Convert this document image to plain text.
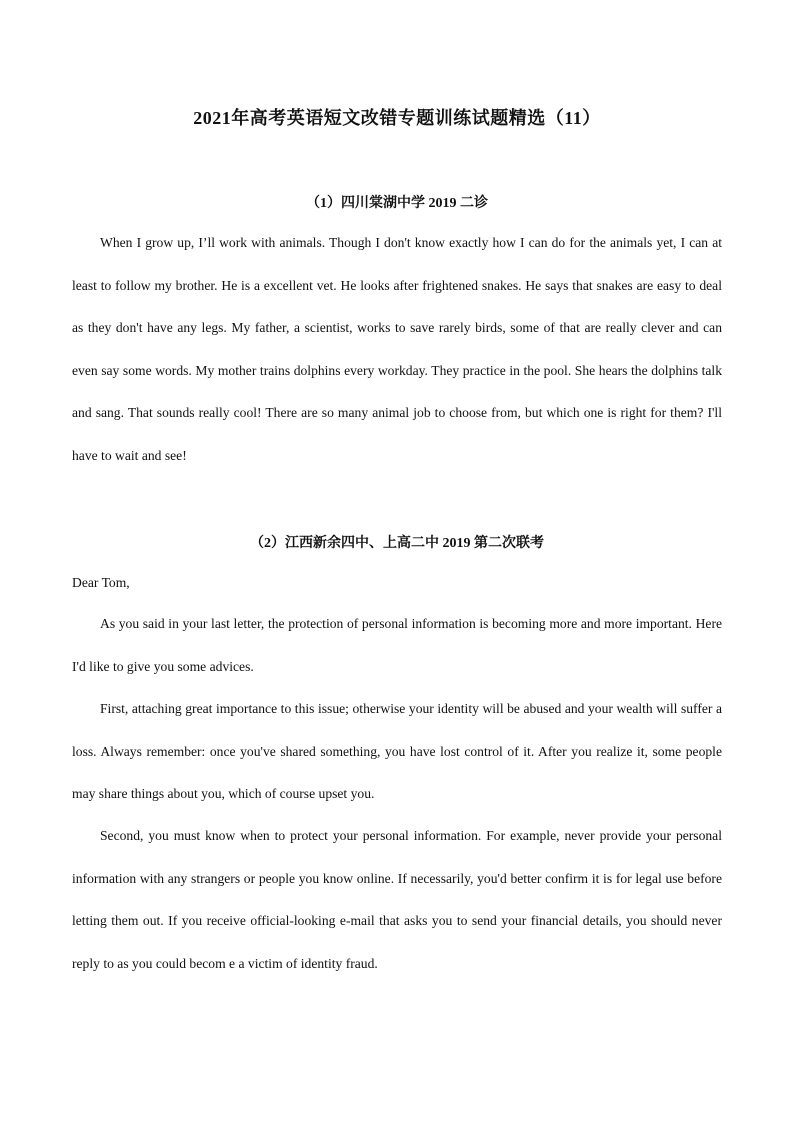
2021年高考英语短文改错专题训练试题精选（11）
（1）四川棠湖中学 2019 二诊
When I grow up, I’ll work with animals. Though I don't know exactly how I can do for the animals yet, I can at least to follow my brother. He is a excellent vet. He looks after frightened snakes. He says that snakes are easy to deal as they don't have any legs. My father, a scientist, works to save rarely birds, some of that are really clever and can even say some words. My mother trains dolphins every workday. They practice in the pool. She hears the dolphins talk and sang. That sounds really cool! There are so many animal job to choose from, but which one is right for them? I'll have to wait and see!
（2）江西新余四中、上高二中 2019 第二次联考
Dear Tom,
As you said in your last letter, the protection of personal information is becoming more and more important. Here I'd like to give you some advices.
First, attaching great importance to this issue; otherwise your identity will be abused and your wealth will suffer a loss. Always remember: once you've shared something, you have lost control of it. After you realize it, some people may share things about you, which of course upset you.
Second, you must know when to protect your personal information. For example, never provide your personal information with any strangers or people you know online. If necessarily, you'd better confirm it is for legal use before letting them out. If you receive official-looking e-mail that asks you to send your financial details, you should never reply to as you could becom e a victim of identity fraud.
